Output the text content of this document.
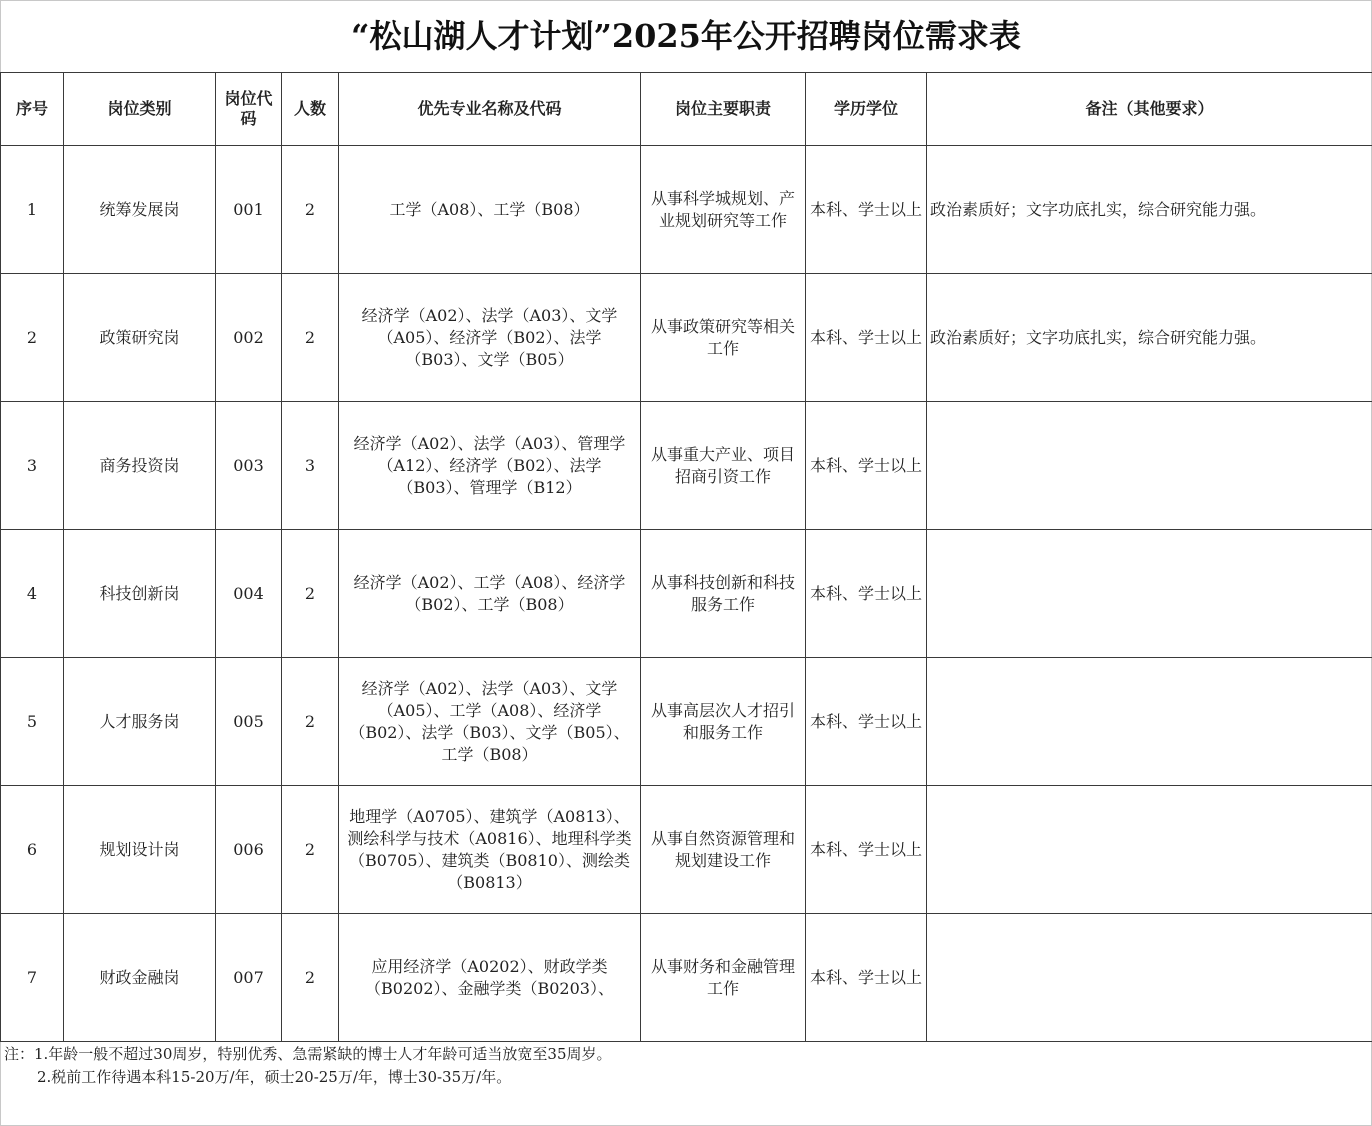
“松山湖人才计划”2025年公开招聘岗位需求表
序号	岗位类别	岗位代码	人数	优先专业名称及代码	岗位主要职责	学历学位	备注（其他要求）
1	统筹发展岗	001	2	工学（A08）、工学（B08）	从事科学城规划、产业规划研究等工作	本科、学士以上	政治素质好；文字功底扎实，综合研究能力强。
2	政策研究岗	002	2	经济学（A02）、法学（A03）、文学（A05）、经济学（B02）、法学（B03）、文学（B05）	从事政策研究等相关工作	本科、学士以上	政治素质好；文字功底扎实，综合研究能力强。
3	商务投资岗	003	3	经济学（A02）、法学（A03）、管理学（A12）、经济学（B02）、法学（B03）、管理学（B12）	从事重大产业、项目招商引资工作	本科、学士以上	
4	科技创新岗	004	2	经济学（A02）、工学（A08）、经济学（B02）、工学（B08）	从事科技创新和科技服务工作	本科、学士以上	
5	人才服务岗	005	2	经济学（A02）、法学（A03）、文学（A05）、工学（A08）、经济学（B02）、法学（B03）、文学（B05）、工学（B08）	从事高层次人才招引和服务工作	本科、学士以上	
6	规划设计岗	006	2	地理学（A0705）、建筑学（A0813）、测绘科学与技术（A0816）、地理科学类（B0705）、建筑类（B0810）、测绘类（B0813）	从事自然资源管理和规划建设工作	本科、学士以上	
7	财政金融岗	007	2	应用经济学（A0202）、财政学类（B0202）、金融学类（B0203）、	从事财务和金融管理工作	本科、学士以上	
注：1.年龄一般不超过30周岁，特别优秀、急需紧缺的博士人才年龄可适当放宽至35周岁。
2.税前工作待遇本科15-20万/年，硕士20-25万/年，博士30-35万/年。
